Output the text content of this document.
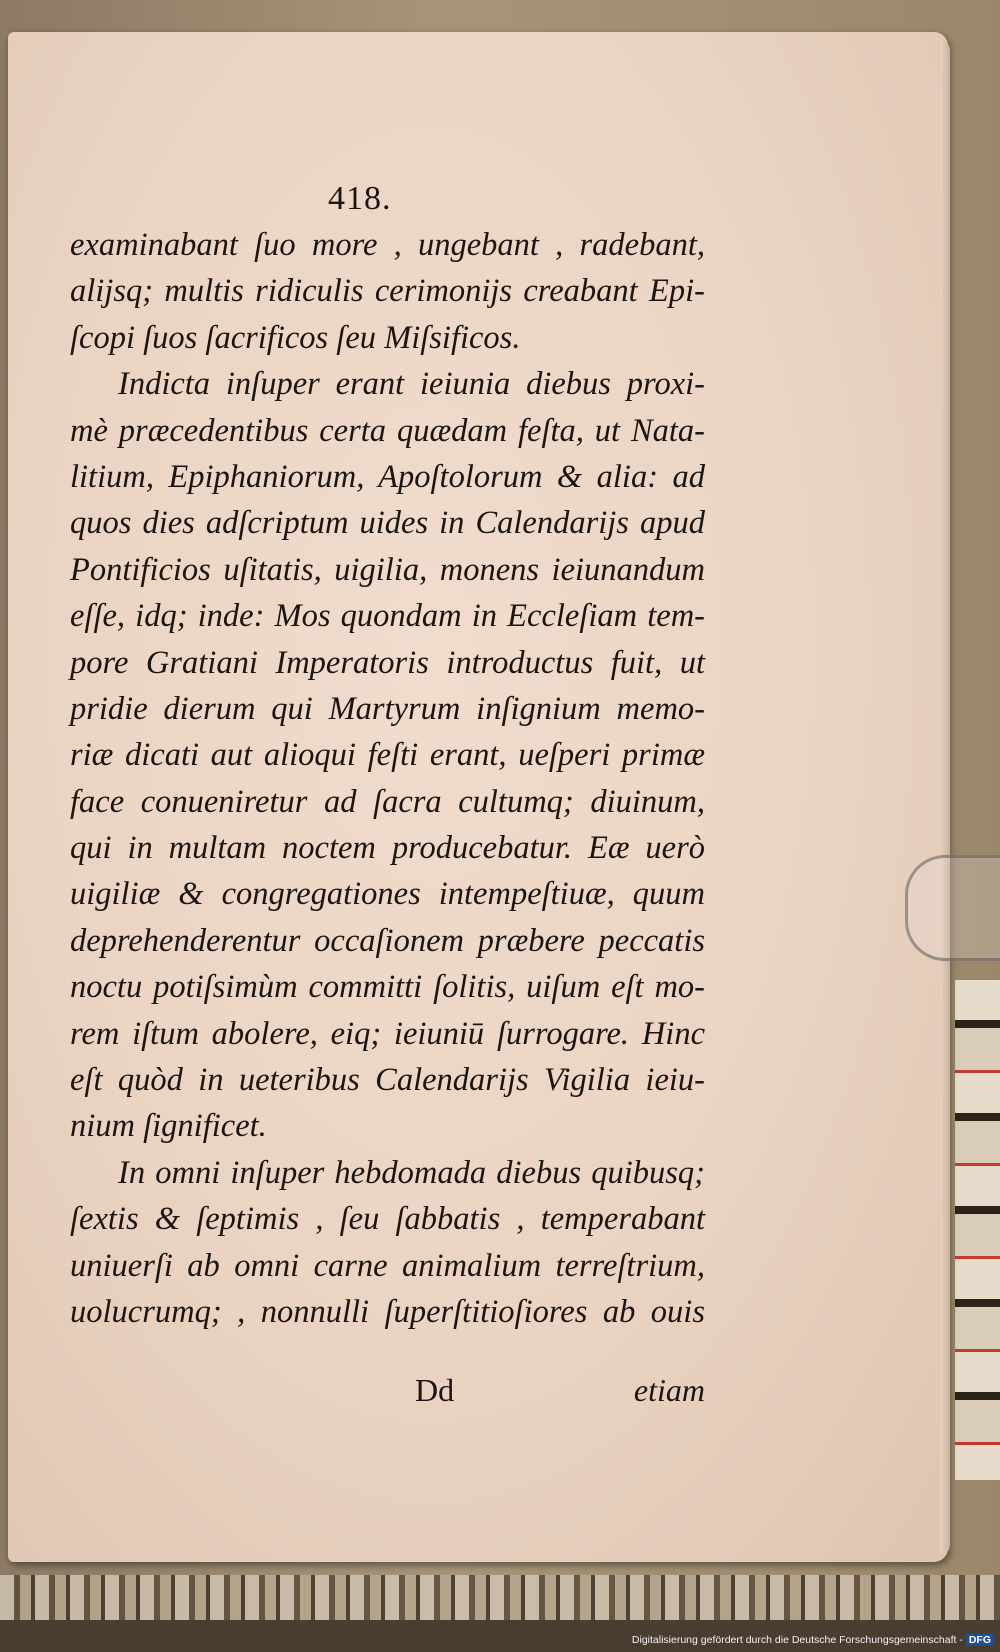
418.
examinabant ſuo more , ungebant , radebant,
alijsq; multis ridiculis cerimonijs creabant Epi-
ſcopi ſuos ſacrificos ſeu Miſsificos.
Indicta inſuper erant ieiunia diebus proxi-
mè præcedentibus certa quædam feſta, ut Nata-
litium, Epiphaniorum, Apoſtolorum & alia: ad
quos dies adſcriptum uides in Calendarijs apud
Pontificios uſitatis, uigilia, monens ieiunandum
eſſe, idq; inde: Mos quondam in Eccleſiam tem-
pore Gratiani Imperatoris introductus fuit, ut
pridie dierum qui Martyrum inſignium memo-
riæ dicati aut alioqui feſti erant, ueſperi primæ
face conueniretur ad ſacra cultumq; diuinum,
qui in multam noctem producebatur. Eæ uerò
uigiliæ & congregationes intempeſtiuæ, quum
deprehenderentur occaſionem præbere peccatis
noctu potiſsimùm committi ſolitis, uiſum eſt mo-
rem iſtum abolere, eiq; ieiuniū ſurrogare. Hinc
eſt quòd in ueteribus Calendarijs Vigilia ieiu-
nium ſignificet.
In omni inſuper hebdomada diebus quibusq;
ſextis & ſeptimis , ſeu ſabbatis , temperabant
uniuerſi ab omni carne animalium terreſtrium,
uolucrumq; , nonnulli ſuperſtitioſiores ab ouis
Dd	etiam
Digitalisierung gefördert durch die Deutsche Forschungsgemeinschaft - DFG
